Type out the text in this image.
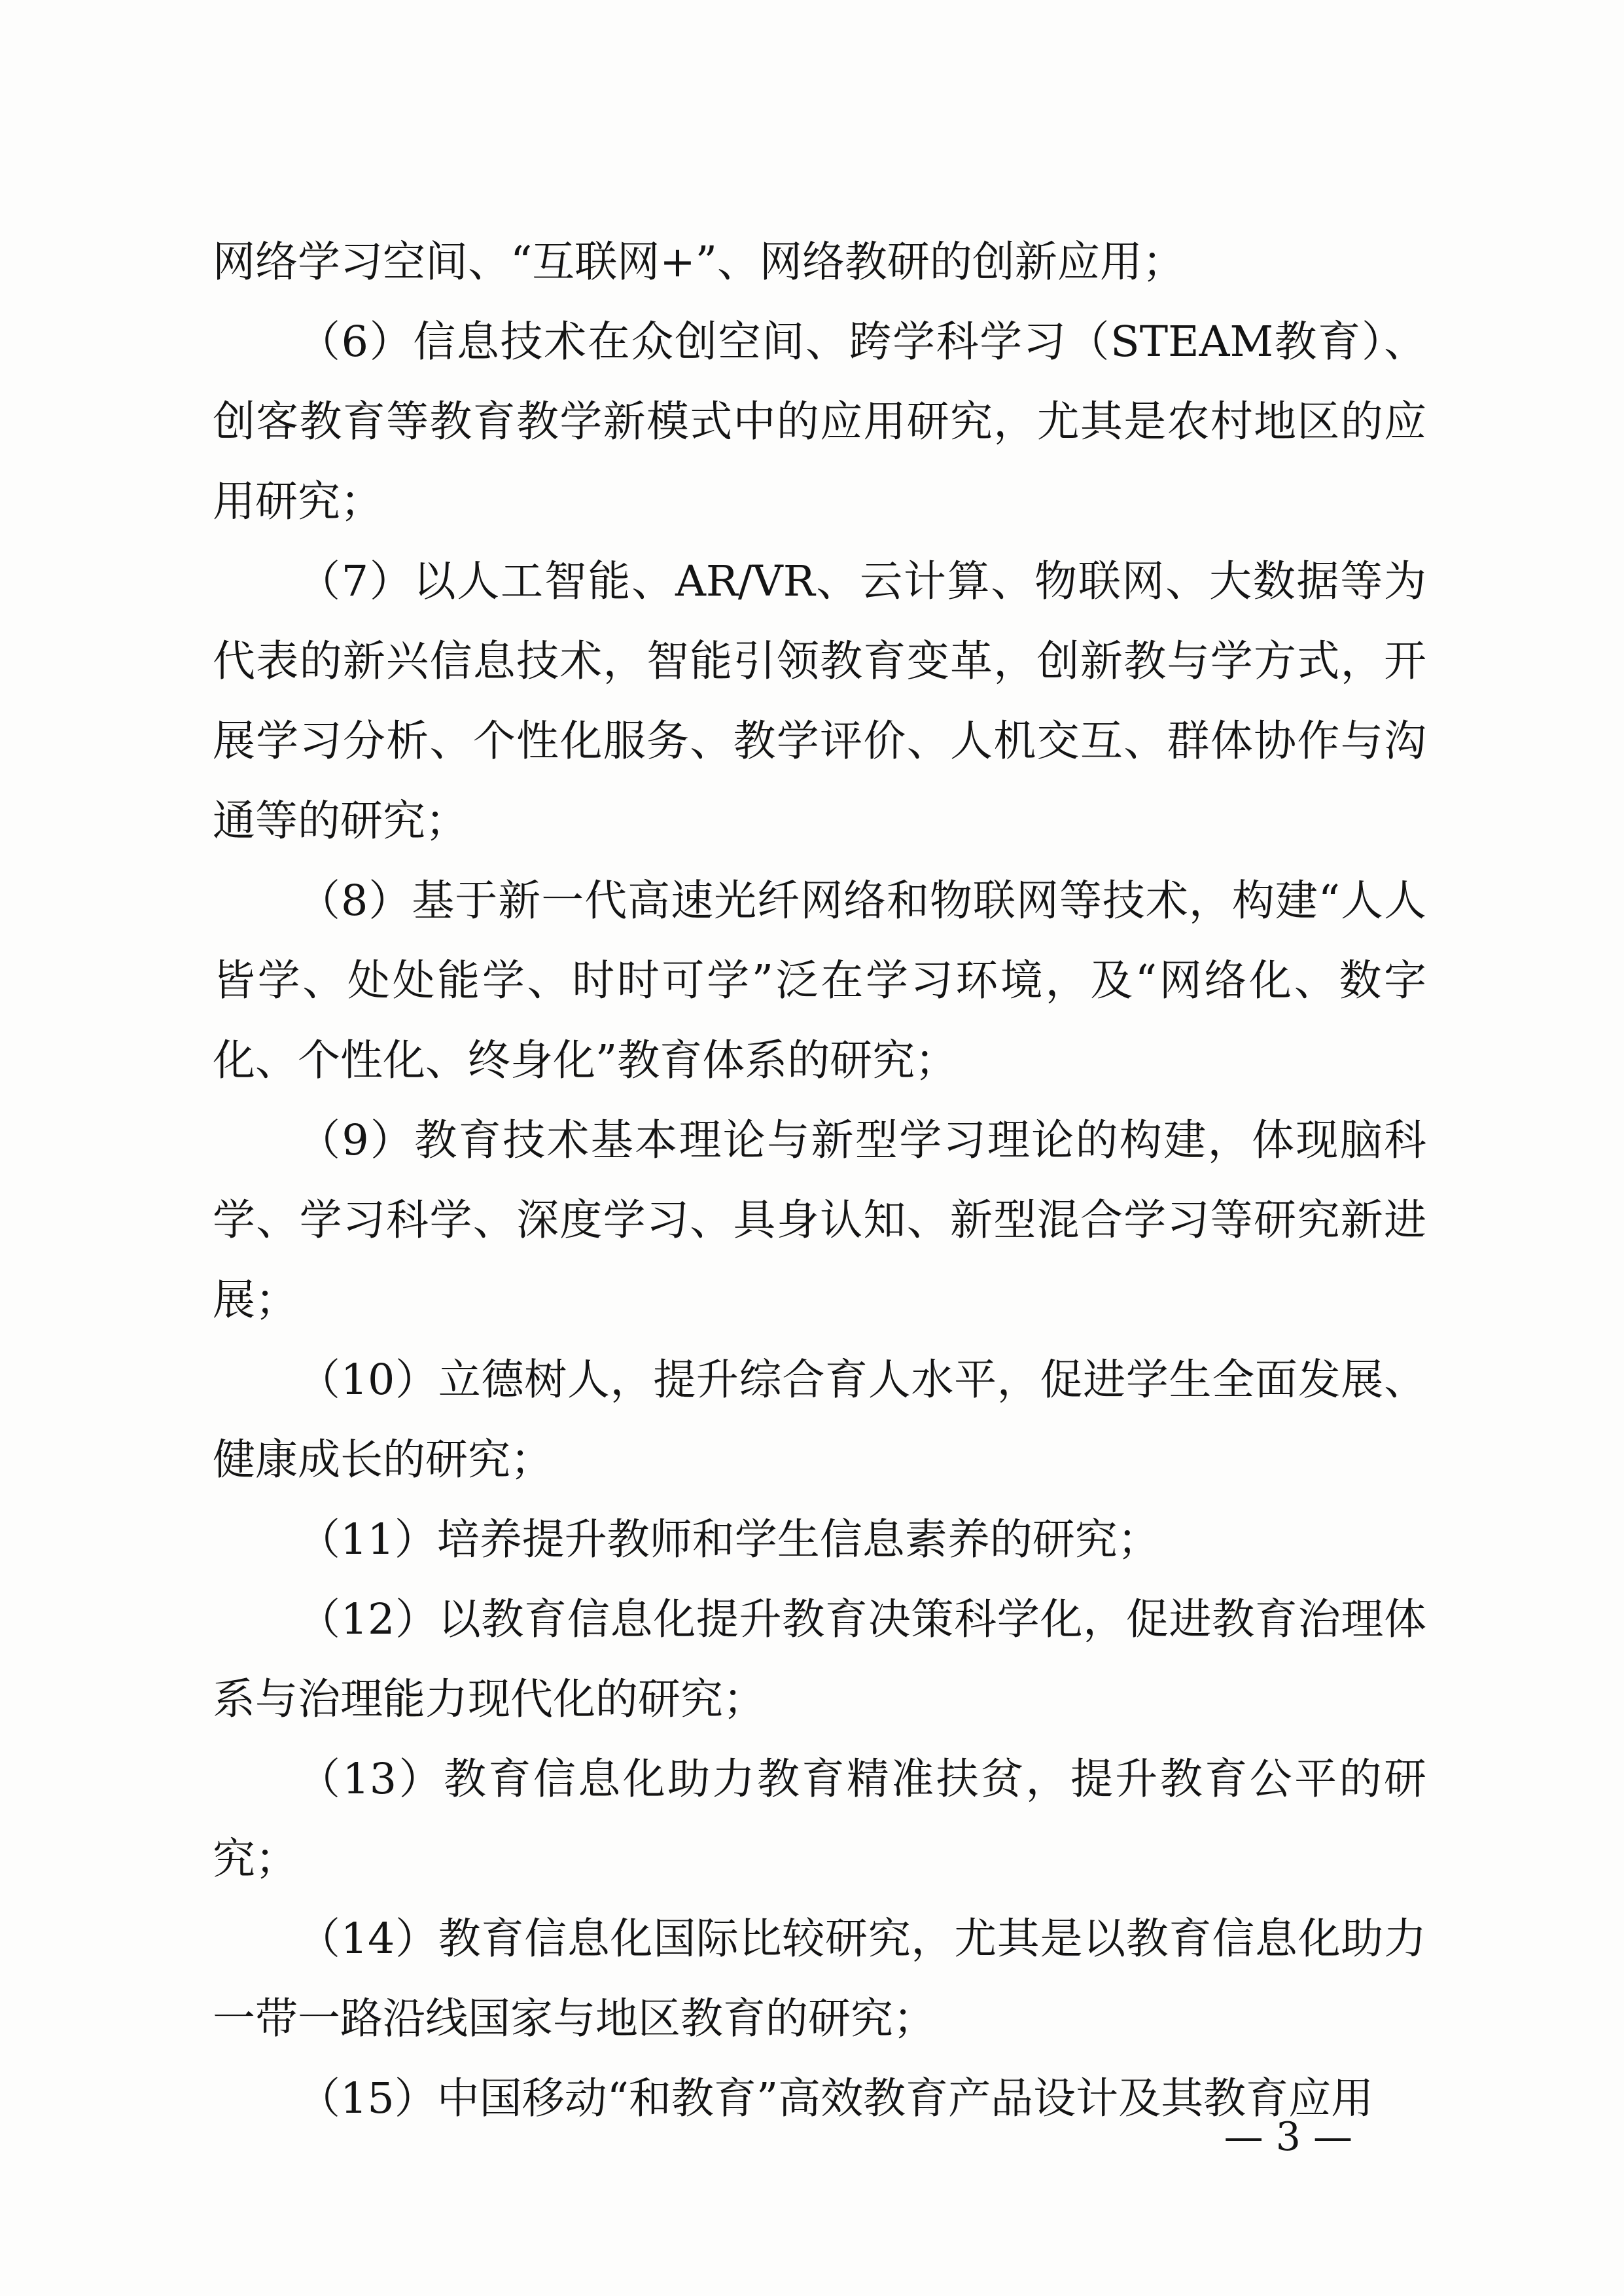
网络学习空间、“互联网+”、网络教研的创新应用；

（6）信息技术在众创空间、跨学科学习（STEAM教育）、创客教育等教育教学新模式中的应用研究，尤其是农村地区的应用研究；

（7）以人工智能、AR/VR、云计算、物联网、大数据等为代表的新兴信息技术，智能引领教育变革，创新教与学方式，开展学习分析、个性化服务、教学评价、人机交互、群体协作与沟通等的研究；

（8）基于新一代高速光纤网络和物联网等技术，构建“人人皆学、处处能学、时时可学”泛在学习环境，及“网络化、数字化、个性化、终身化”教育体系的研究；

（9）教育技术基本理论与新型学习理论的构建，体现脑科学、学习科学、深度学习、具身认知、新型混合学习等研究新进展；

（10）立德树人，提升综合育人水平，促进学生全面发展、健康成长的研究；

（11）培养提升教师和学生信息素养的研究；

（12）以教育信息化提升教育决策科学化，促进教育治理体系与治理能力现代化的研究；

（13）教育信息化助力教育精准扶贫，提升教育公平的研究；

（14）教育信息化国际比较研究，尤其是以教育信息化助力一带一路沿线国家与地区教育的研究；

（15）中国移动“和教育”高效教育产品设计及其教育应用

— 3 —
